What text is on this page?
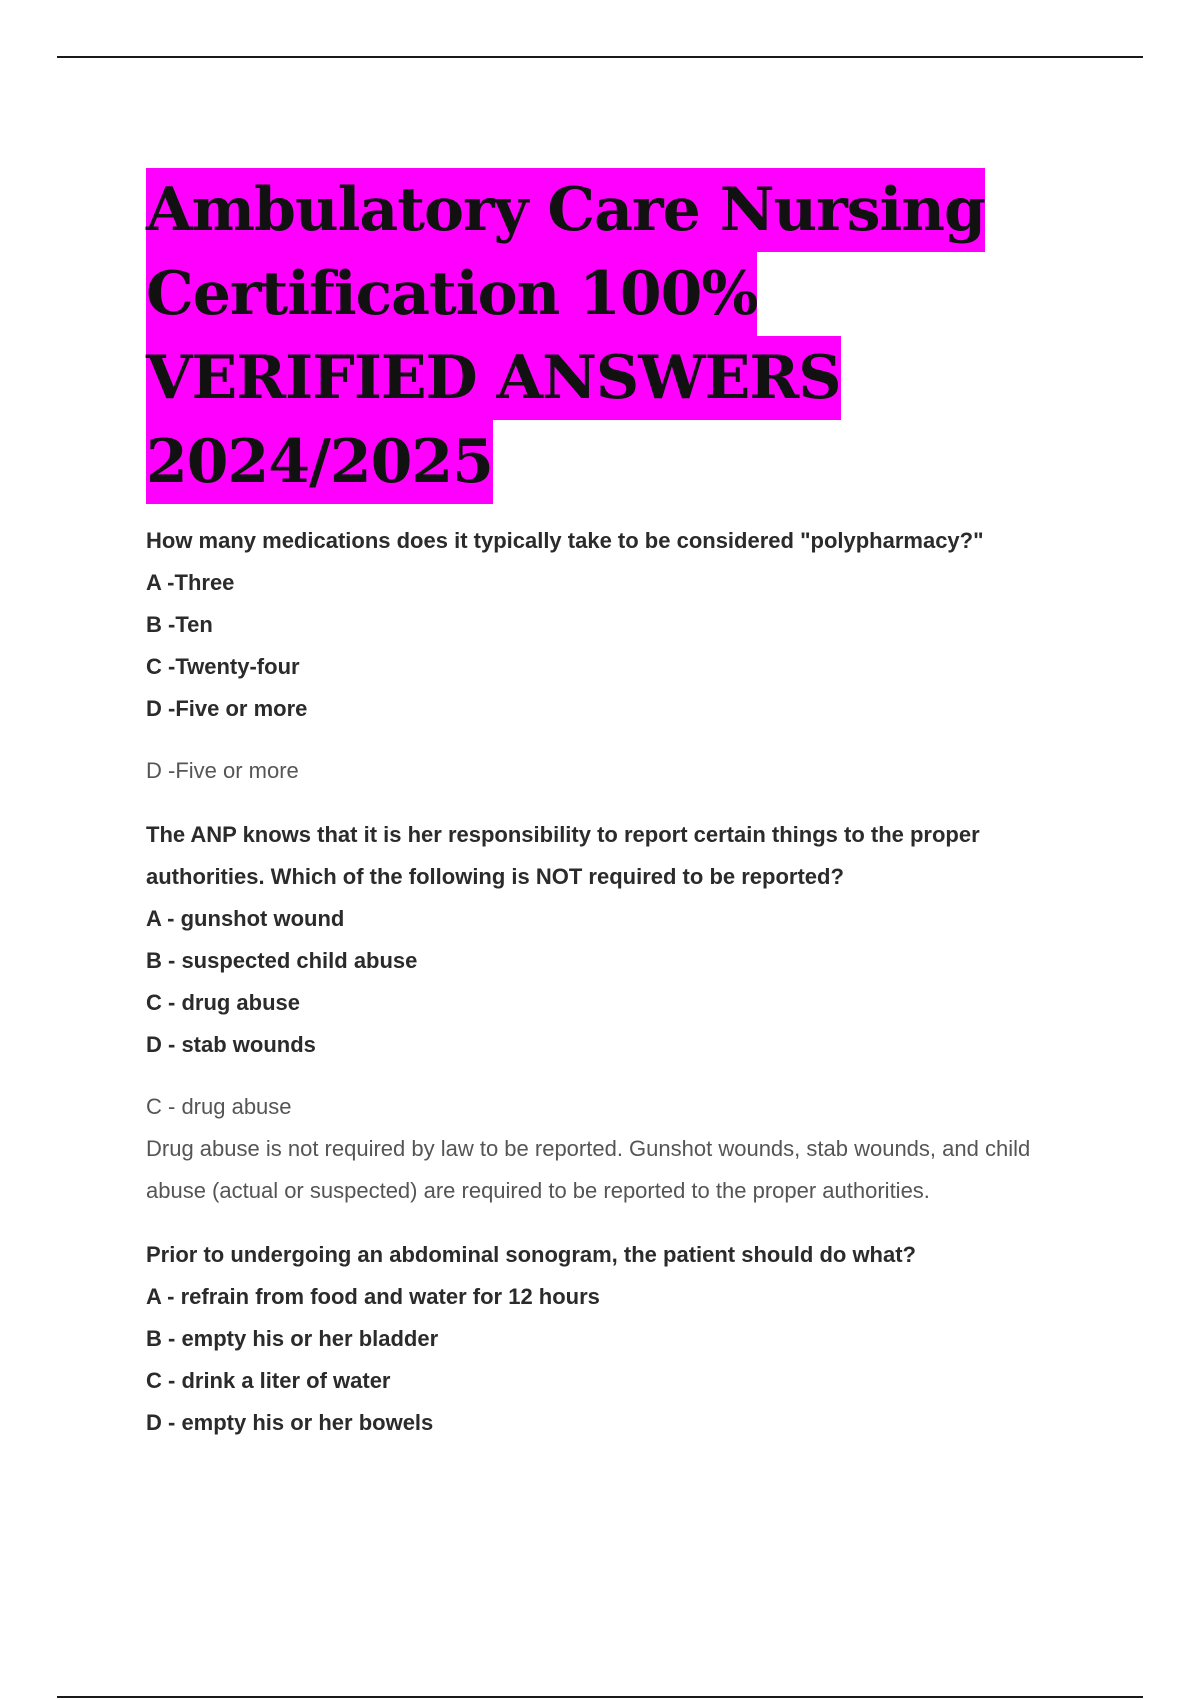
Ambulatory Care Nursing
Certification 100%
VERIFIED ANSWERS
2024/2025
How many medications does it typically take to be considered "polypharmacy?"
A -Three
B -Ten
C -Twenty-four
D -Five or more
D -Five or more
The ANP knows that it is her responsibility to report certain things to the proper authorities. Which of the following is NOT required to be reported?
A - gunshot wound
B - suspected child abuse
C - drug abuse
D - stab wounds
C - drug abuse
Drug abuse is not required by law to be reported. Gunshot wounds, stab wounds, and child abuse (actual or suspected) are required to be reported to the proper authorities.
Prior to undergoing an abdominal sonogram, the patient should do what?
A - refrain from food and water for 12 hours
B - empty his or her bladder
C - drink a liter of water
D - empty his or her bowels
